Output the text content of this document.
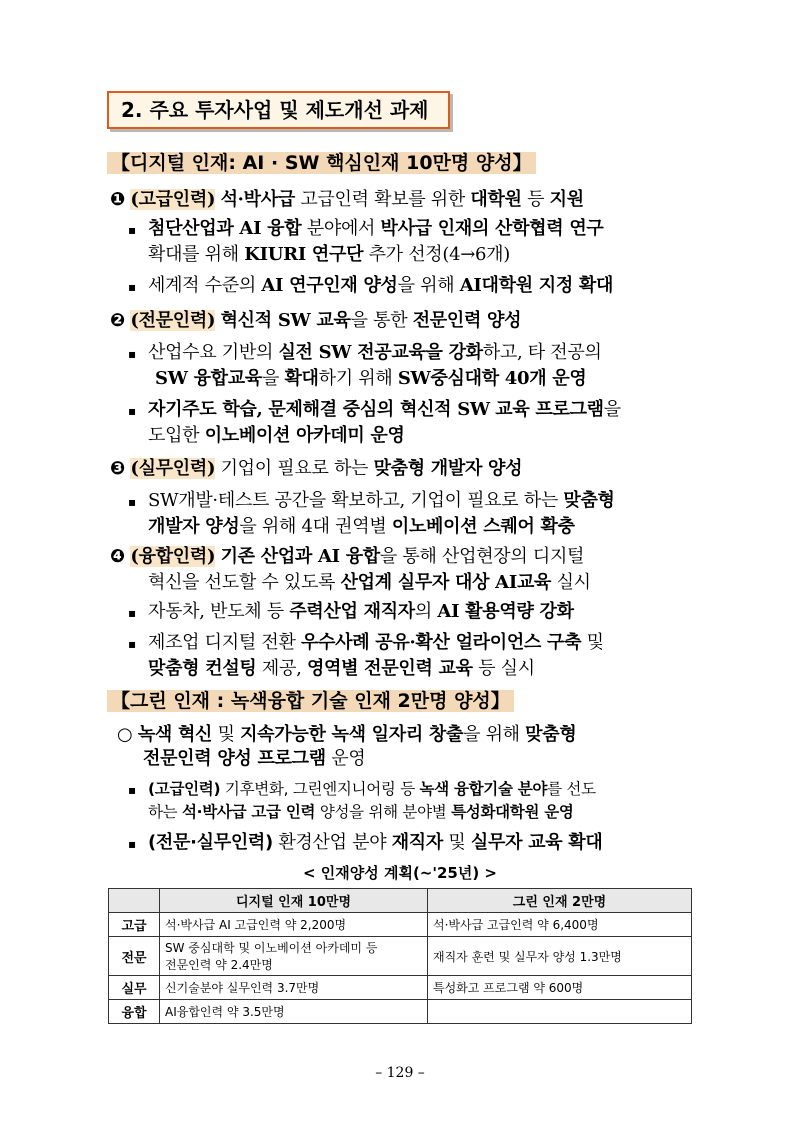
2. 주요 투자사업 및 제도개선 과제
【디지털 인재: AI · SW 핵심인재 10만명 양성】
❶ (고급인력) 석·박사급 고급인력 확보를 위한 대학원 등 지원
▪ 첨단산업과 AI 융합 분야에서 박사급 인재의 산학협력 연구
확대를 위해 KIURI 연구단 추가 선정(4→6개)
▪ 세계적 수준의 AI 연구인재 양성을 위해 AI대학원 지정 확대
❷ (전문인력) 혁신적 SW 교육을 통한 전문인력 양성
▪ 산업수요 기반의 실전 SW 전공교육을 강화하고, 타 전공의
SW 융합교육을 확대하기 위해 SW중심대학 40개 운영
▪ 자기주도 학습, 문제해결 중심의 혁신적 SW 교육 프로그램을
도입한 이노베이션 아카데미 운영
❸ (실무인력) 기업이 필요로 하는 맞춤형 개발자 양성
▪ SW개발·테스트 공간을 확보하고, 기업이 필요로 하는 맞춤형
개발자 양성을 위해 4대 권역별 이노베이션 스퀘어 확충
❹ (융합인력) 기존 산업과 AI 융합을 통해 산업현장의 디지털
혁신을 선도할 수 있도록 산업계 실무자 대상 AI교육 실시
▪ 자동차, 반도체 등 주력산업 재직자의 AI 활용역량 강화
▪ 제조업 디지털 전환 우수사례 공유·확산 얼라이언스 구축 및
맞춤형 컨설팅 제공, 영역별 전문인력 교육 등 실시
【그린 인재 : 녹색융합 기술 인재 2만명 양성】
○ 녹색 혁신 및 지속가능한 녹색 일자리 창출을 위해 맞춤형
전문인력 양성 프로그램 운영
▪ (고급인력) 기후변화, 그린엔지니어링 등 녹색 융합기술 분야를 선도
하는 석·박사급 고급 인력 양성을 위해 분야별 특성화대학원 운영
▪ (전문·실무인력) 환경산업 분야 재직자 및 실무자 교육 확대
< 인재양성 계획(~'25년) >
	디지털 인재 10만명	그린 인재 2만명
고급	석·박사급 AI 고급인력 약 2,200명	석·박사급 고급인력 약 6,400명
전문	SW 중심대학 및 이노베이션 아카데미 등
전문인력 약 2.4만명	재직자 훈련 및 실무자 양성 1.3만명
실무	신기술분야 실무인력 3.7만명	특성화고 프로그램 약 600명
융합	AI융합인력 약 3.5만명	
– 129 –
